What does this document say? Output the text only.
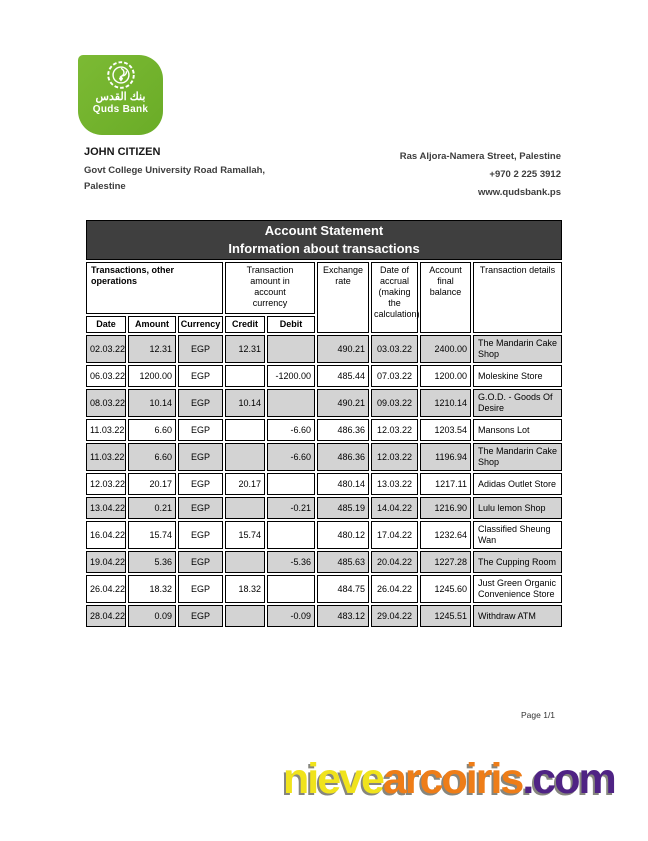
بنك القدس
Quds Bank
JOHN CITIZEN
Govt College University Road Ramallah,
Palestine
Ras Aljora-Namera Street, Palestine
+970 2 225 3912
www.qudsbank.ps
Account Statement
Information about transactions								

Transactions, other operations			Transaction amount in account currency		Exchange rate	Date of accrual (making the calculation)	Account final balance	Transaction details
Date	Amount	Currency	Credit	Debit				
02.03.22	12.31	EGP	12.31		490.21	03.03.22	2400.00	The Mandarin Cake Shop
06.03.22	1200.00	EGP		-1200.00	485.44	07.03.22	1200.00	Moleskine Store
08.03.22	10.14	EGP	10.14		490.21	09.03.22	1210.14	G.O.D. - Goods Of Desire
11.03.22	6.60	EGP		-6.60	486.36	12.03.22	1203.54	Mansons Lot
11.03.22	6.60	EGP		-6.60	486.36	12.03.22	1196.94	The Mandarin Cake Shop
12.03.22	20.17	EGP	20.17		480.14	13.03.22	1217.11	Adidas Outlet Store
13.04.22	0.21	EGP		-0.21	485.19	14.04.22	1216.90	Lulu lemon Shop
16.04.22	15.74	EGP	15.74		480.12	17.04.22	1232.64	Classified Sheung Wan
19.04.22	5.36	EGP		-5.36	485.63	20.04.22	1227.28	The Cupping Room
26.04.22	18.32	EGP	18.32		484.75	26.04.22	1245.60	Just Green Organic Convenience Store
28.04.22	0.09	EGP		-0.09	483.12	29.04.22	1245.51	Withdraw ATM
Page 1/1
nievearcoiris.com
